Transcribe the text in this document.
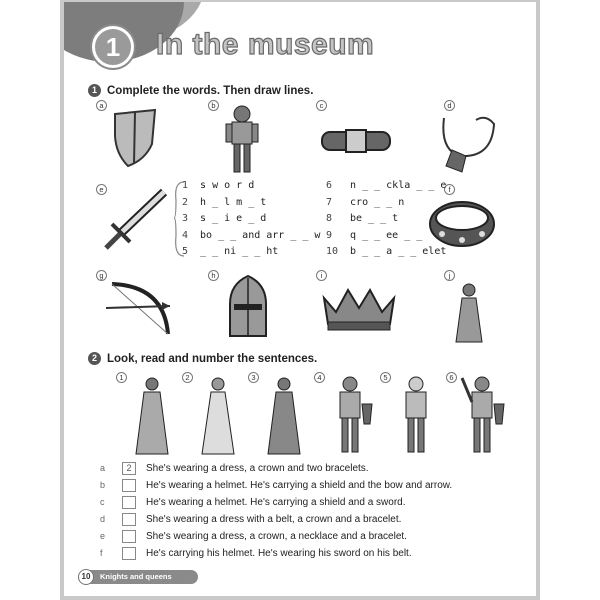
1	In the museum
1 Complete the words. Then draw lines.
a	b	c	d
e	f
1 s w o r d
2 h _ l m _ t
3 s _ i e _ d
4 bo _ _ and arr _ _ w
5 _ _ ni _ _ ht
6 n _ _ ckla _ _ e
7 cro _ _ n
8 be _ _ t
9 q _ _ ee _ _
10 b _ _ a _ _ elet
g	h	i	j
2 Look, read and number the sentences.
1	2	3	4	5	6
a	2	She's wearing a dress, a crown and two bracelets.
b	He's wearing a helmet. He's carrying a shield and the bow and arrow.
c	He's wearing a helmet. He's carrying a shield and a sword.
d	She's wearing a dress with a belt, a crown and a bracelet.
e	She's wearing a dress, a crown, a necklace and a bracelet.
f	He's carrying his helmet. He's wearing his sword on his belt.
10	Knights and queens
